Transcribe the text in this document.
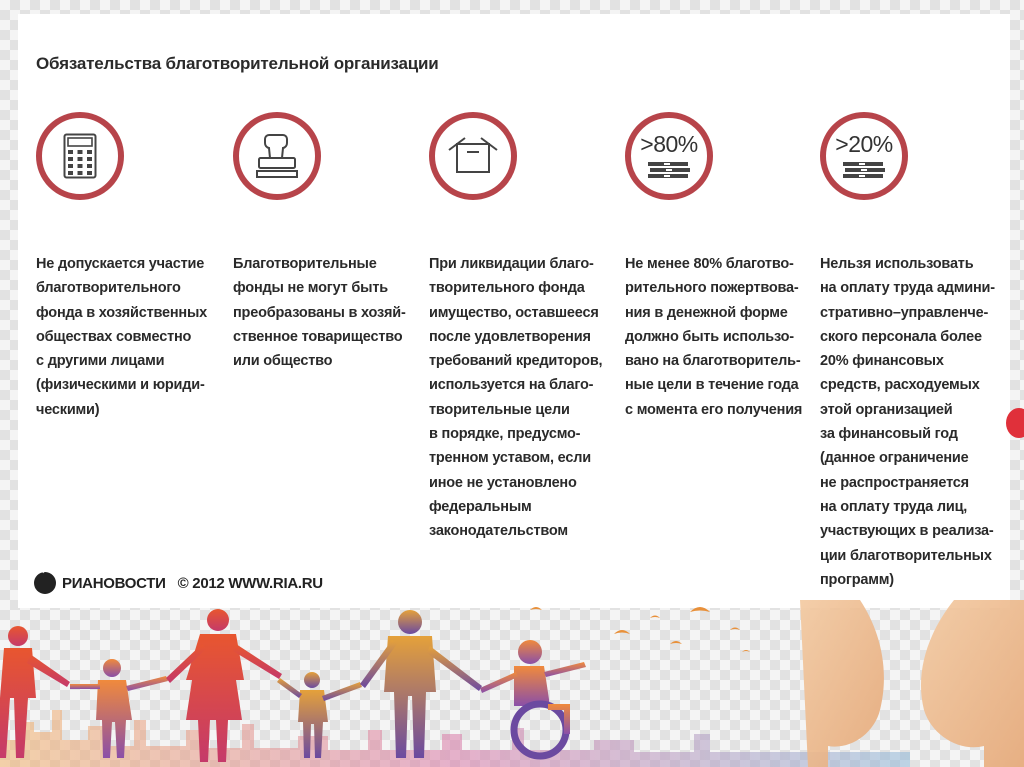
Обязательства благотворительной организации
Не допускается участие
благотворительного
фонда в хозяйственных
обществах совместно
с другими лицами
(физическими и юриди-
ческими)
Благотворительные
фонды не могут быть
преобразованы в хозяй-
ственное товарищество
или общество
При ликвидации благо-
творительного фонда
имущество, оставшееся
после удовлетворения
требований кредиторов,
используется на благо-
творительные цели
в порядке, предусмо-
тренном уставом, если
иное не установлено
федеральным
законодательством
>80%
Не менее 80% благотво-
рительного пожертвова-
ния в денежной форме
должно быть использо-
вано на благотворитель-
ные цели в течение года
с момента его получения
>20%
Нельзя использовать
на оплату труда админи-
стративно–управленче-
ского персонала более
20% финансовых
средств, расходуемых
этой организацией
за финансовый год
(данное ограничение
не распространяется
на оплату труда лиц,
участвующих в реализа-
ции благотворительных
программ)
РИАНОВОСТИ © 2012 WWW.RIA.RU
